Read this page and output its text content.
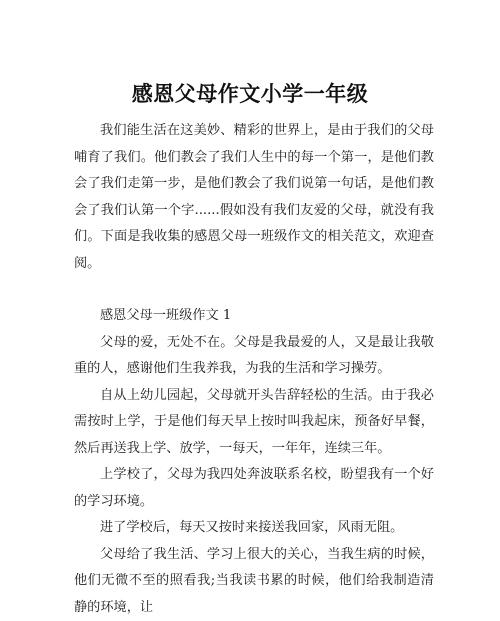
感恩父母作文小学一年级

我们能生活在这美妙、精彩的世界上，是由于我们的父母哺育了我们。他们教会了我们人生中的每一个第一，是他们教会了我们走第一步，是他们教会了我们说第一句话，是他们教会了我们认第一个字......假如没有我们友爱的父母，就没有我们。下面是我收集的感恩父母一班级作文的相关范文，欢迎查阅。

感恩父母一班级作文 1

父母的爱，无处不在。父母是我最爱的人，又是最让我敬重的人，感谢他们生我养我，为我的生活和学习操劳。

自从上幼儿园起，父母就开头告辞轻松的生活。由于我必需按时上学，于是他们每天早上按时叫我起床，预备好早餐，然后再送我上学、放学，一每天，一年年，连续三年。

上学校了，父母为我四处奔波联系名校，盼望我有一个好的学习环境。

进了学校后，每天又按时来接送我回家，风雨无阻。

父母给了我生活、学习上很大的关心，当我生病的时候，他们无微不至的照看我;当我读书累的时候，他们给我制造清静的环境，让
